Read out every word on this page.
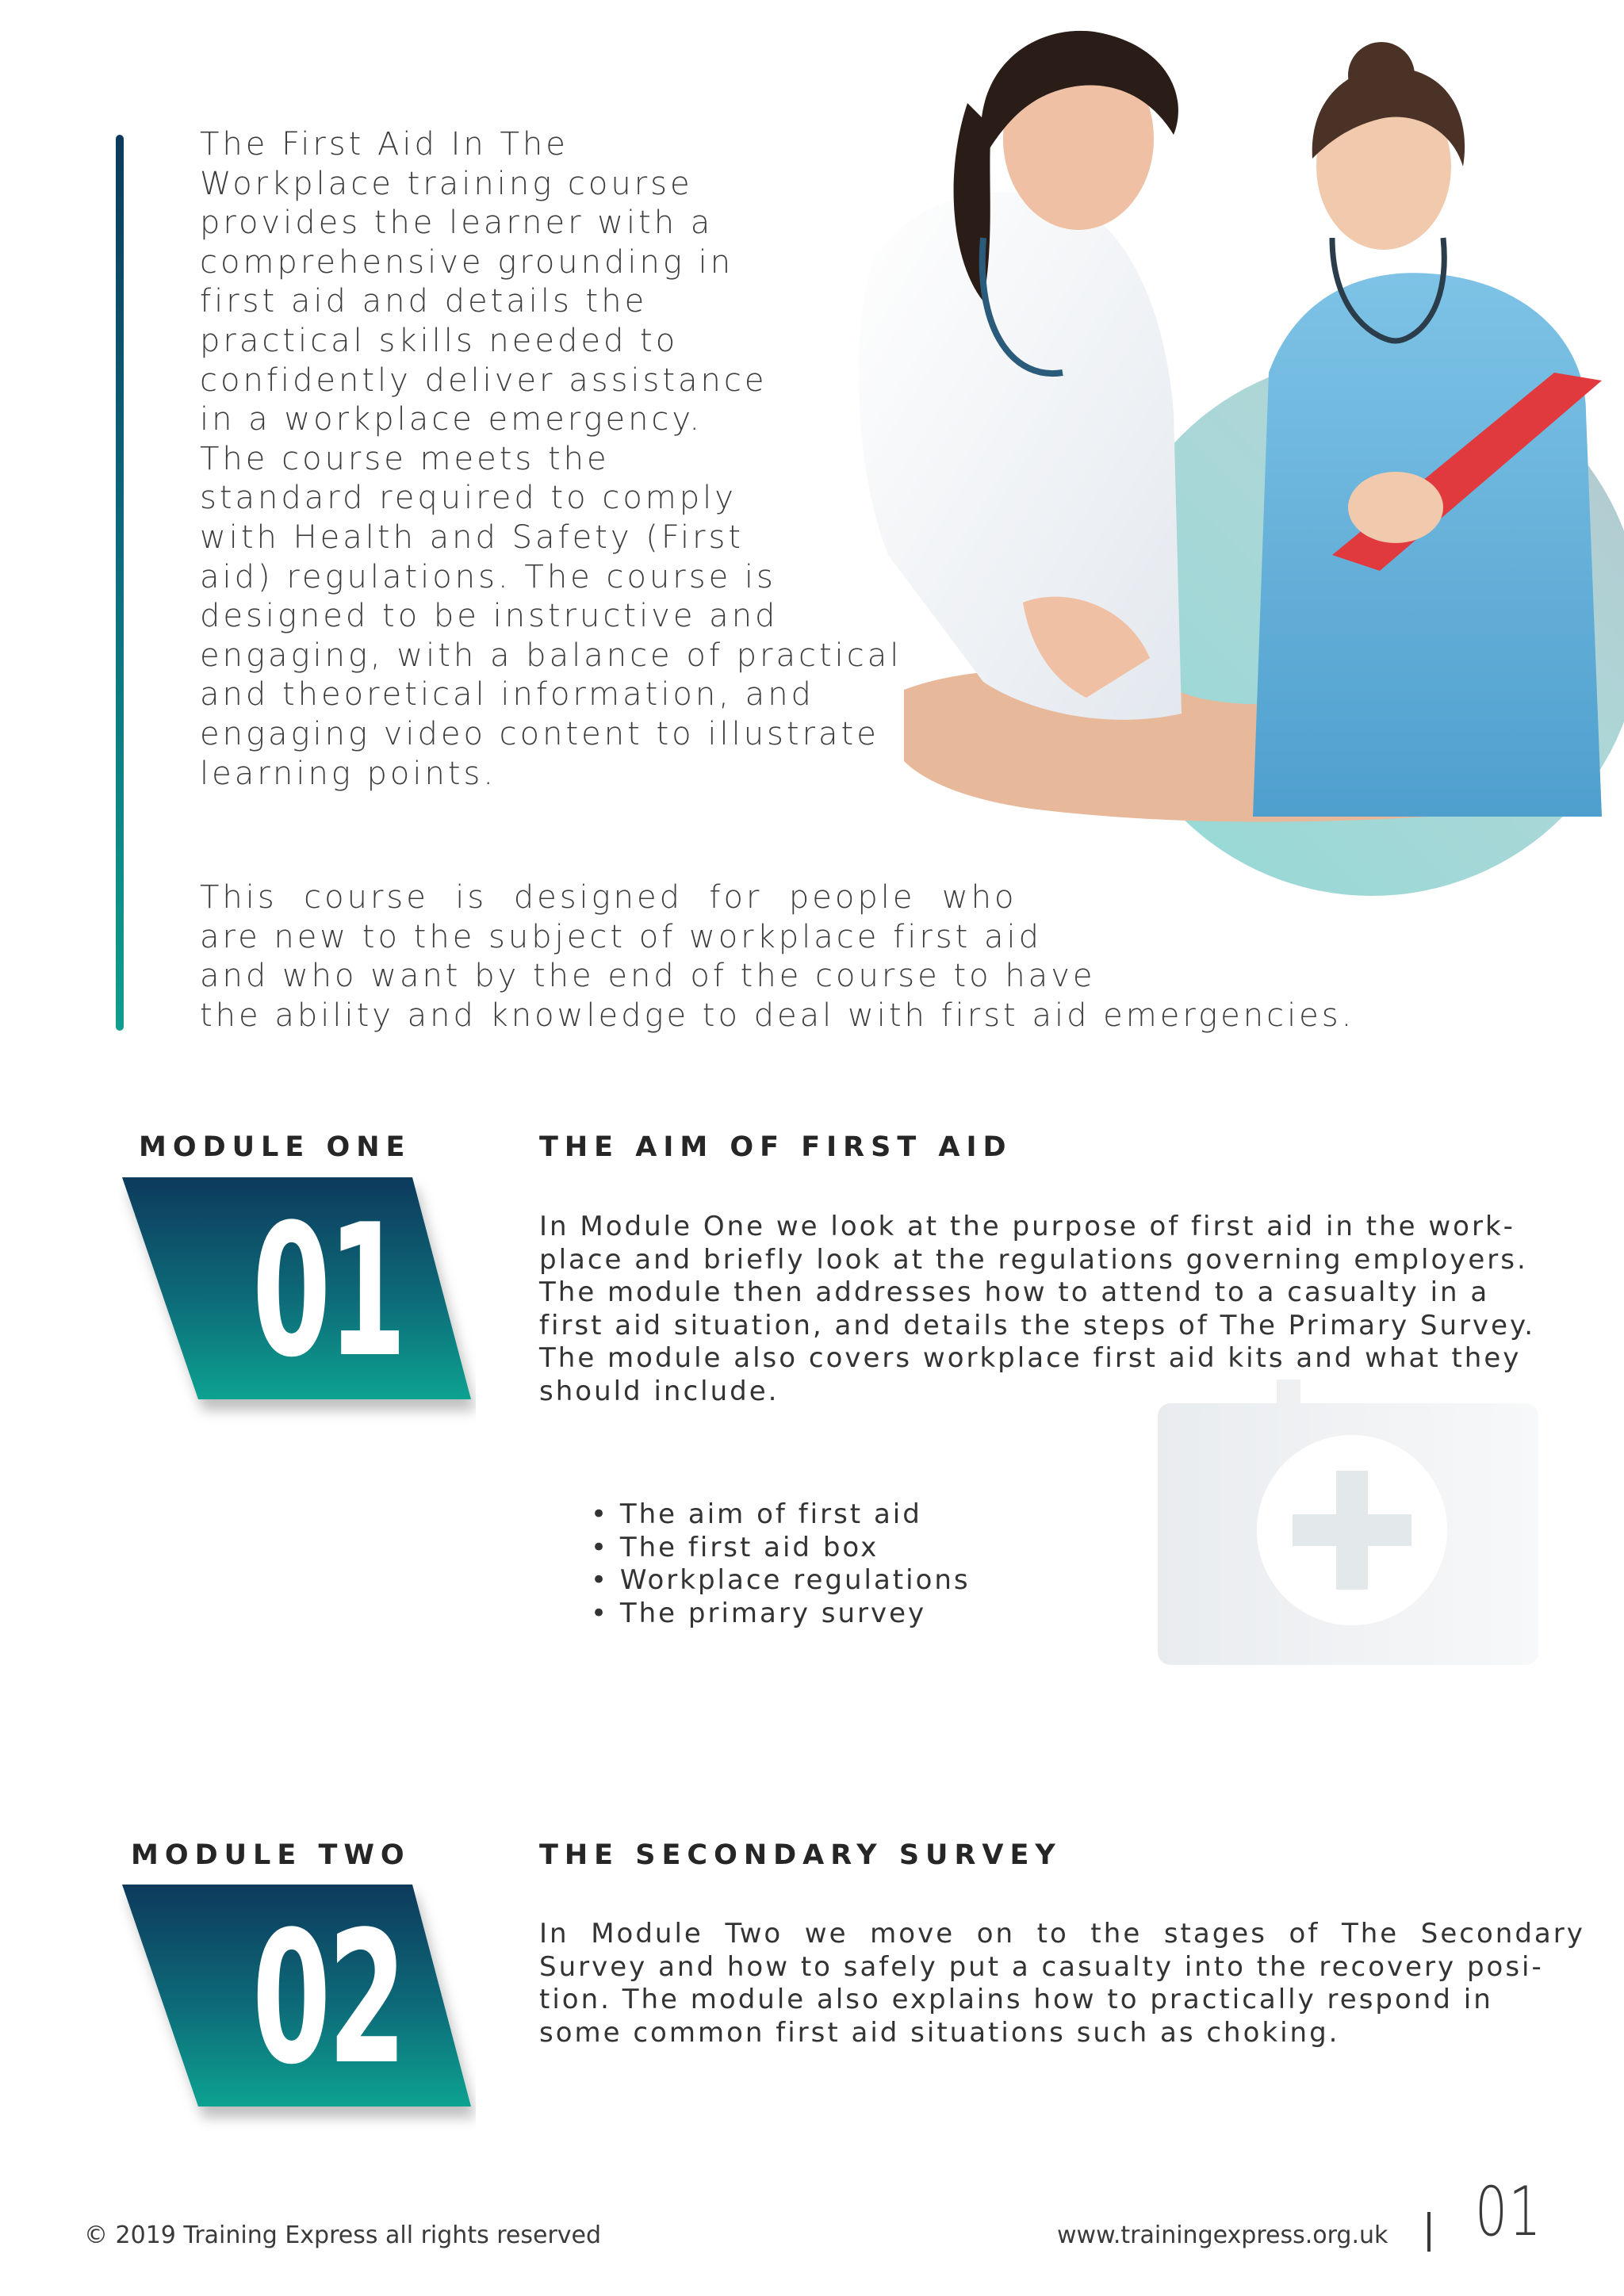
The First Aid In The
Workplace training course
provides the learner with a
comprehensive grounding in
first aid and details the
practical skills needed to
confidently deliver assistance
in a workplace emergency.
The course meets the
standard required to comply
with Health and Safety (First
aid) regulations. The course is
designed to be instructive and
engaging, with a balance of practical
and theoretical information, and
engaging video content to illustrate
learning points.

This  course  is  designed  for  people  who
are new to the subject of workplace first aid
and who want by the end of the course to have
the ability and knowledge to deal with first aid emergencies.

MODULE ONE	THE AIM OF FIRST AID
01	In Module One we look at the purpose of first aid in the work-
place and briefly look at the regulations governing employers.
The module then addresses how to attend to a casualty in a
first aid situation, and details the steps of The Primary Survey.
The module also covers workplace first aid kits and what they
should include.

• The aim of first aid
• The first aid box
• Workplace regulations
• The primary survey
MODULE TWO	THE SECONDARY SURVEY
02	In  Module  Two  we  move  on  to  the  stages  of  The  Secondary
Survey and how to safely put a casualty into the recovery posi-
tion. The module also explains how to practically respond in
some common first aid situations such as choking.

© 2019 Training Express all rights reserved	www.trainingexpress.org.uk 01
